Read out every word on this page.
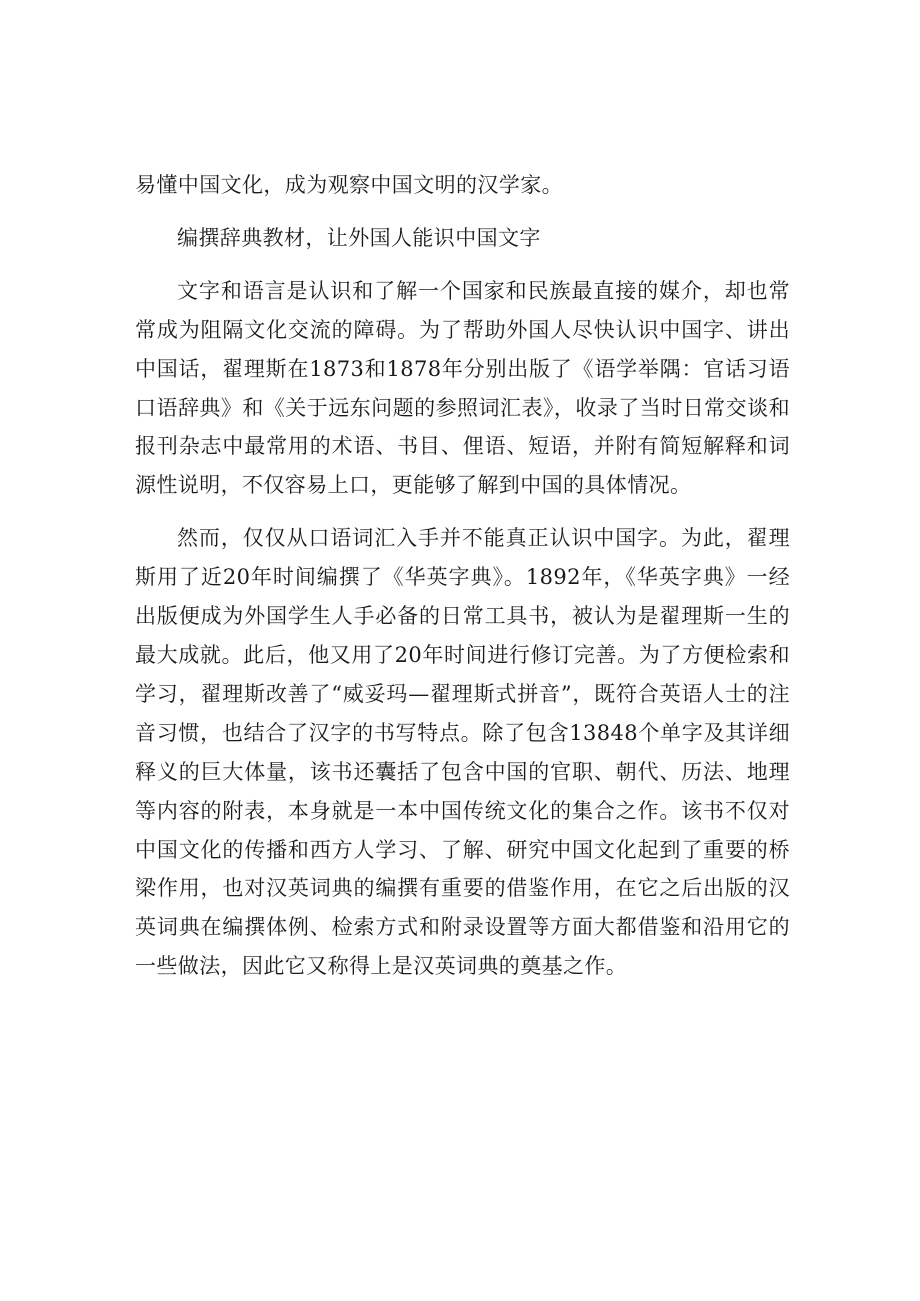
易懂中国文化，成为观察中国文明的汉学家。

编撰辞典教材，让外国人能识中国文字

文字和语言是认识和了解一个国家和民族最直接的媒介，却也常常成为阻隔文化交流的障碍。为了帮助外国人尽快认识中国字、讲出中国话，翟理斯在1873和1878年分别出版了《语学举隅：官话习语口语辞典》和《关于远东问题的参照词汇表》，收录了当时日常交谈和报刊杂志中最常用的术语、书目、俚语、短语，并附有简短解释和词源性说明，不仅容易上口，更能够了解到中国的具体情况。

然而，仅仅从口语词汇入手并不能真正认识中国字。为此，翟理斯用了近20年时间编撰了《华英字典》。1892年，《华英字典》一经出版便成为外国学生人手必备的日常工具书，被认为是翟理斯一生的最大成就。此后，他又用了20年时间进行修订完善。为了方便检索和学习，翟理斯改善了“威妥玛—翟理斯式拼音”，既符合英语人士的注音习惯，也结合了汉字的书写特点。除了包含13848个单字及其详细释义的巨大体量，该书还囊括了包含中国的官职、朝代、历法、地理等内容的附表，本身就是一本中国传统文化的集合之作。该书不仅对中国文化的传播和西方人学习、了解、研究中国文化起到了重要的桥梁作用，也对汉英词典的编撰有重要的借鉴作用，在它之后出版的汉英词典在编撰体例、检索方式和附录设置等方面大都借鉴和沿用它的一些做法，因此它又称得上是汉英词典的奠基之作。
